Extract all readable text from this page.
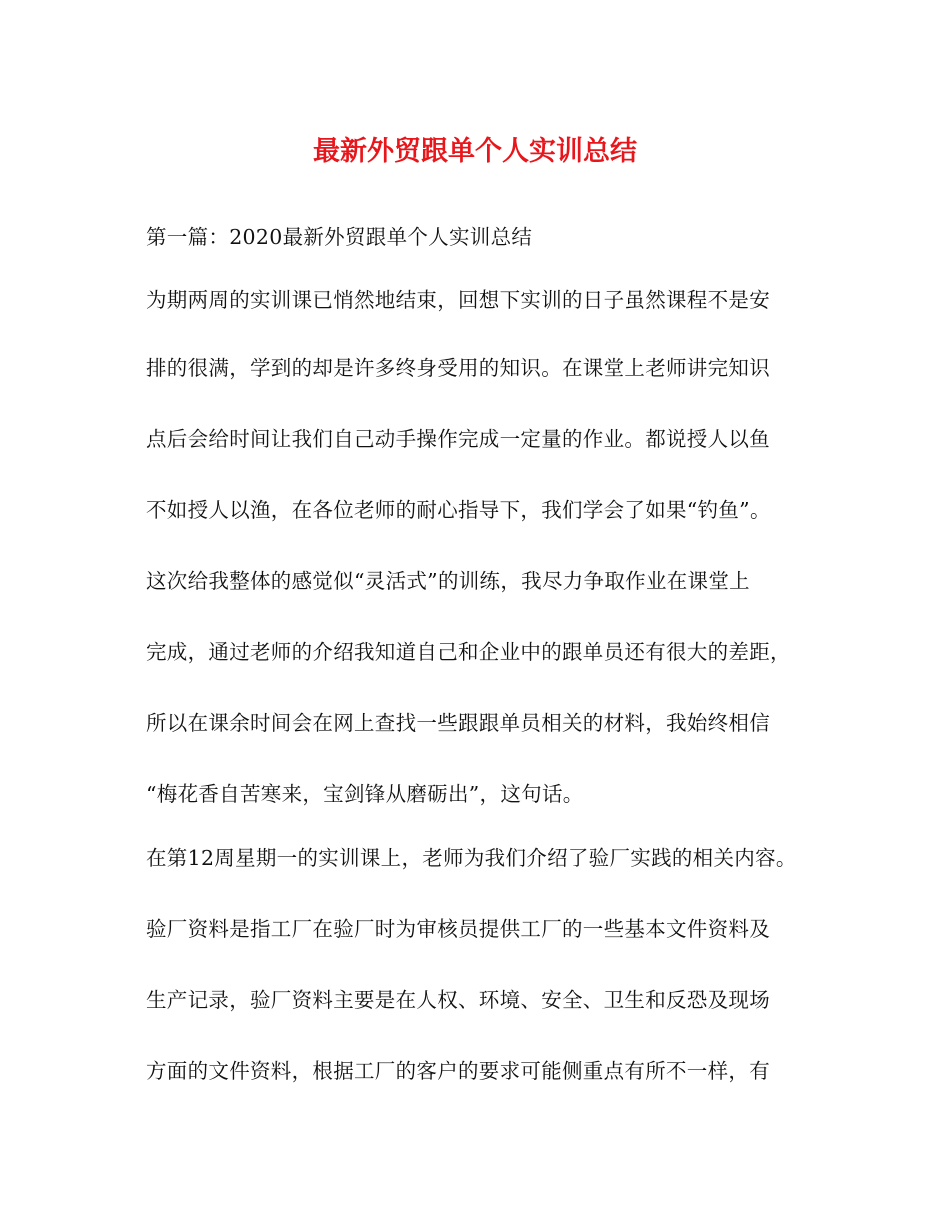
最新外贸跟单个人实训总结
第一篇：2020最新外贸跟单个人实训总结
为期两周的实训课已悄然地结束，回想下实训的日子虽然课程不是安
排的很满，学到的却是许多终身受用的知识。在课堂上老师讲完知识
点后会给时间让我们自己动手操作完成一定量的作业。都说授人以鱼
不如授人以渔，在各位老师的耐心指导下，我们学会了如果“钓鱼”。
这次给我整体的感觉似“灵活式”的训练，我尽力争取作业在课堂上
完成，通过老师的介绍我知道自己和企业中的跟单员还有很大的差距，
所以在课余时间会在网上查找一些跟跟单员相关的材料，我始终相信
“梅花香自苦寒来，宝剑锋从磨砺出”，这句话。
在第12周星期一的实训课上，老师为我们介绍了验厂实践的相关内容。
验厂资料是指工厂在验厂时为审核员提供工厂的一些基本文件资料及
生产记录，验厂资料主要是在人权、环境、安全、卫生和反恐及现场
方面的文件资料，根据工厂的客户的要求可能侧重点有所不一样，有
